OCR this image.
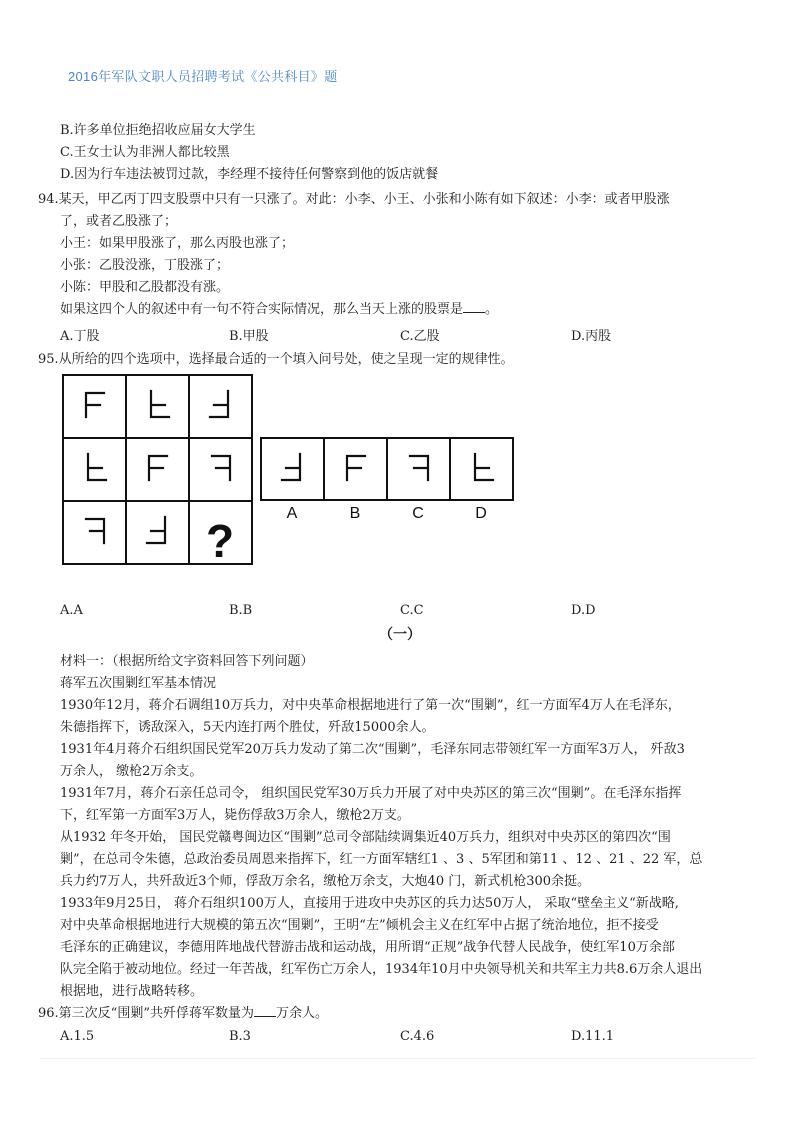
2016年军队文职人员招聘考试《公共科目》题
B.许多单位拒绝招收应届女大学生
C.王女士认为非洲人都比较黑
D.因为行车违法被罚过款，李经理不接待任何警察到他的饭店就餐
94.某天，甲乙丙丁四支股票中只有一只涨了。对此：小李、小王、小张和小陈有如下叙述：小李：或者甲股涨
了，或者乙股涨了；
小王：如果甲股涨了，那么丙股也涨了；
小张：乙股没涨，丁股涨了；
小陈：甲股和乙股都没有涨。
如果这四个人的叙述中有一句不符合实际情况，那么当天上涨的股票是 。
A.丁股	B.甲股	C.乙股	D.丙股
95.从所给的四个选项中，选择最合适的一个填入问号处，使之呈现一定的规律性。
?
A	B	C	D
A.A	B.B	C.C	D.D
（一）
材料一：（根据所给文字资料回答下列问题）
蒋军五次围剿红军基本情况
1930年12月，蒋介石调组10万兵力，对中央革命根据地进行了第一次“围剿”，红一方面军4万人在毛泽东，
朱德指挥下，诱敌深入，5天内连打两个胜仗，歼敌15000余人。
1931年4月蒋介石组织国民党军20万兵力发动了第二次“围剿”，毛泽东同志带领红军一方面军3万人， 歼敌3
万余人， 缴枪2万余支。
1931年7月，蒋介石亲任总司令， 组织国民党军30万兵力开展了对中央苏区的第三次“围剿”。在毛泽东指挥
下，红军第一方面军3万人，毙伤俘敌3万余人，缴枪2万支。
从1932 年冬开始， 国民党赣粤闽边区“围剿”总司令部陆续调集近40万兵力，组织对中央苏区的第四次“围
剿”，在总司令朱德，总政治委员周恩来指挥下，红一方面军辖红1 、3 、5军团和第11 、12 、21 、22 军，总
兵力约7万人，共歼敌近3个师，俘敌万余名，缴枪万余支，大炮40 门，新式机枪300余挺。
1933年9月25日， 蒋介石组织100万人，直接用于进攻中央苏区的兵力达50万人， 采取“壁垒主义“新战略,
对中央革命根据地进行大规模的第五次“围剿”，王明“左”倾机会主义在红军中占据了统治地位，拒不接受
毛泽东的正确建议，李德用阵地战代替游击战和运动战，用所谓“正规”战争代替人民战争，使红军10万余部
队完全陷于被动地位。经过一年苦战，红军伤亡万余人，1934年10月中央领导机关和共军主力共8.6万余人退出
根据地，进行战略转移。
96.第三次反“围剿”共歼俘蒋军数量为 万余人。
A.1.5	B.3	C.4.6	D.11.1
